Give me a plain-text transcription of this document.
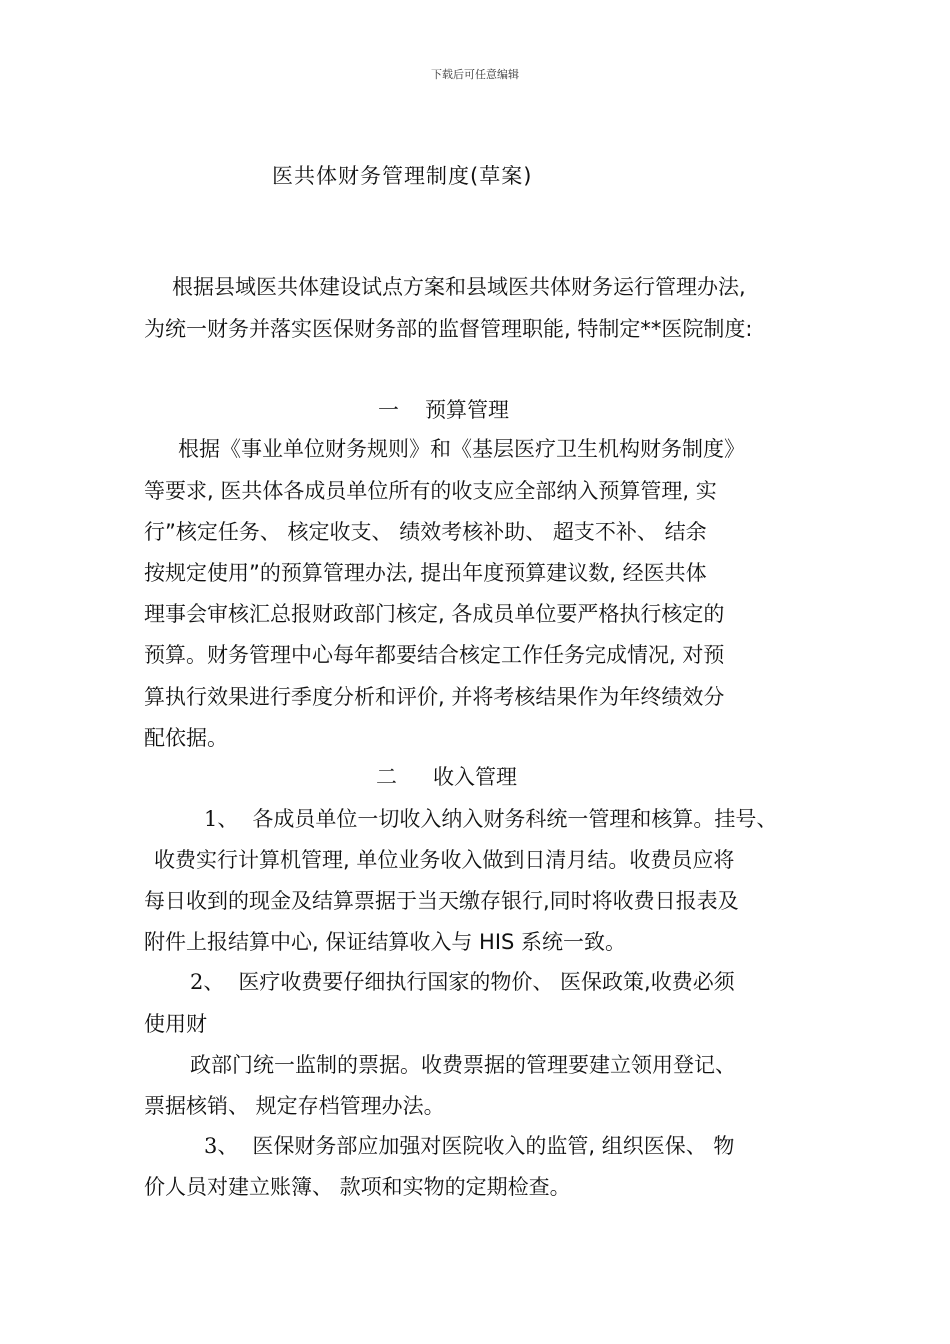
下载后可任意编辑
医共体财务管理制度(草案)
根据县域医共体建设试点方案和县域医共体财务运行管理办法,
为统一财务并落实医保财务部的监督管理职能, 特制定**医院制度:
一 预算管理
根据《事业单位财务规则》和《基层医疗卫生机构财务制度》
等要求, 医共体各成员单位所有的收支应全部纳入预算管理, 实
行”核定任务、 核定收支、 绩效考核补助、 超支不补、 结余
按规定使用”的预算管理办法, 提出年度预算建议数, 经医共体
理事会审核汇总报财政部门核定, 各成员单位要严格执行核定的
预算。财务管理中心每年都要结合核定工作任务完成情况, 对预
算执行效果进行季度分析和评价, 并将考核结果作为年终绩效分
配依据。
二 收入管理
1、 各成员单位一切收入纳入财务科统一管理和核算。挂号、
收费实行计算机管理, 单位业务收入做到日清月结。收费员应将
每日收到的现金及结算票据于当天缴存银行,同时将收费日报表及
附件上报结算中心, 保证结算收入与 HIS 系统一致。
2、 医疗收费要仔细执行国家的物价、 医保政策,收费必须
使用财
政部门统一监制的票据。收费票据的管理要建立领用登记、
票据核销、 规定存档管理办法。
3、 医保财务部应加强对医院收入的监管, 组织医保、 物
价人员对建立账簿、 款项和实物的定期检查。
